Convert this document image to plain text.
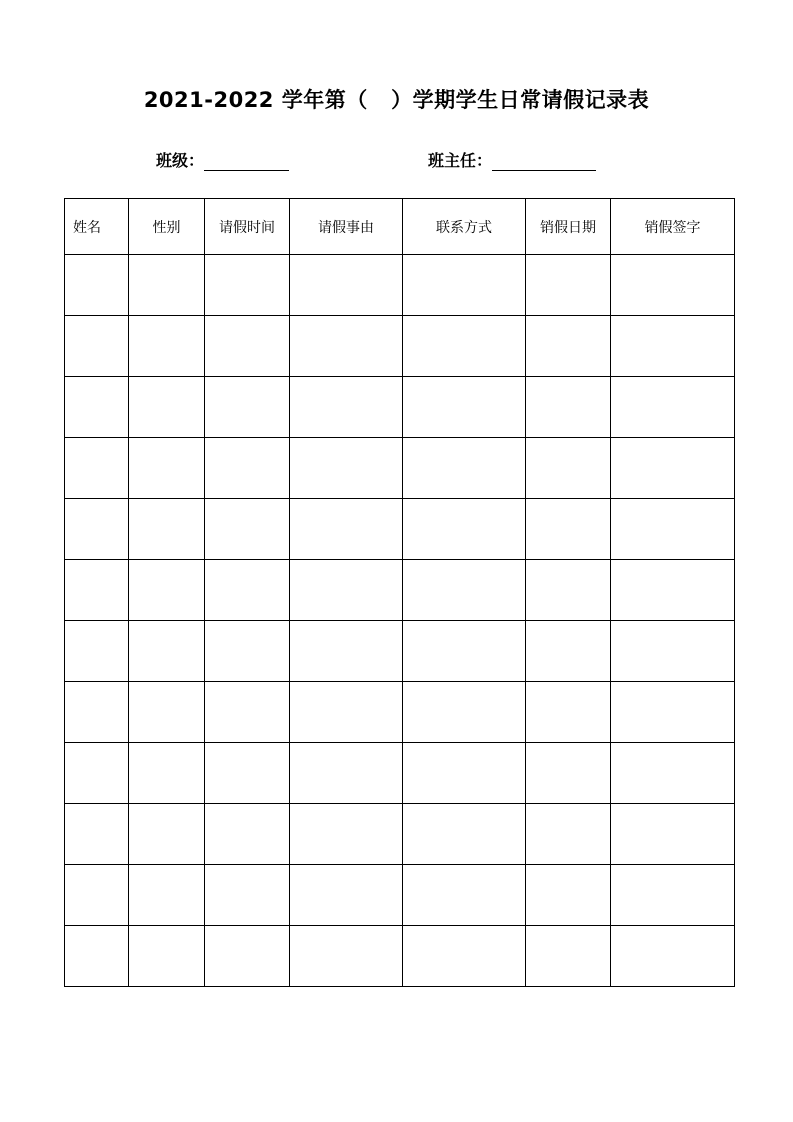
2021-2022 学年第（   ）学期学生日常请假记录表
班级：	班主任：
姓名	性别	请假时间	请假事由	联系方式	销假日期	销假签字
